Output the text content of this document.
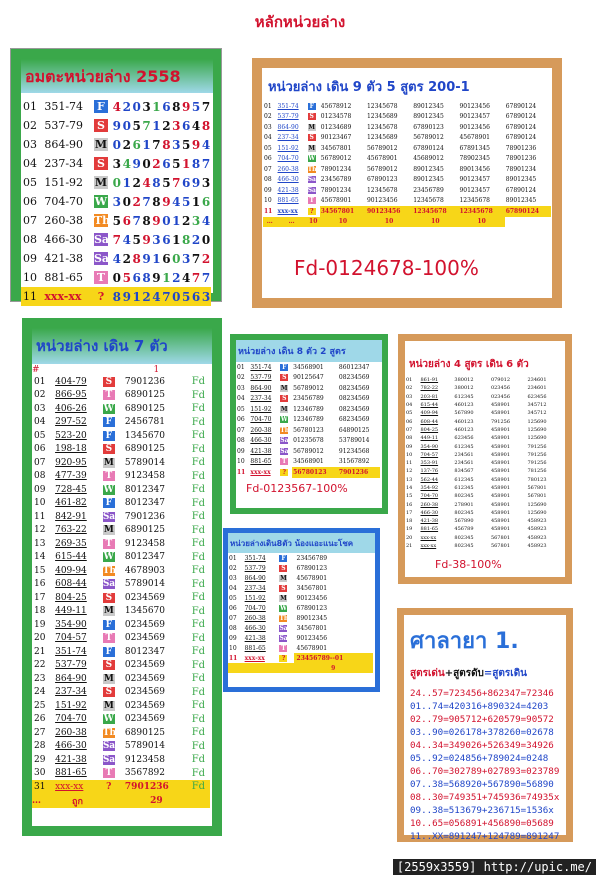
หลักหน่วยล่าง
อมตะหน่วยล่าง 2558
01	351-74	F	4	2	0	3	1	6	8	9	5	7
02	537-79	S	9	0	5	7	1	2	3	6	4	8
03	864-90	M	0	2	6	1	7	8	3	5	9	4
04	237-34	S	3	4	9	0	2	6	5	1	8	7
05	151-92	M	0	1	2	4	8	5	7	6	9	3
06	704-70	W	3	0	2	7	8	9	4	5	1	6
07	260-38	Th	5	6	7	8	9	0	1	2	3	4
08	466-30	Sa	7	4	5	9	3	6	1	8	2	0
09	421-38	Sa	4	2	8	9	1	6	0	3	7	2
10	881-65	T	0	5	6	8	9	1	2	4	7	7
11	xxx-xx	?	8	9	1	2	4	7	0	5	6	3
หน่วยล่าง เดิน 9 ตัว 5 สูตร 200-1
01	351-74	F	45678912	12345678	89012345	90123456	67890124
02	537-79	S	01234578	12345689	89012345	90123457	67890124
03	864-90	M	01234689	12345678	67890123	90123456	67890124
04	237-34	S	90123467	12345689	56789012	45678901	67890124
05	151-92	M	34567801	56789012	67890124	67891345	78901236
06	704-70	W	56789012	45678901	45689012	78902345	78901236
07	260-38	Th	78901234	56789012	89012345	89013456	78901234
08	466-30	Sa	23456789	67890123	89012345	90123457	89012345
09	421-38	Sa	78901234	12345678	23456789	90123457	67890124
10	881-65	T	45678901	90123456	12345678	12345678	89012345
11	xxx-xx	?	34567801	90123456	12345678	12345678	67890124
…	…	10	10	10	10	10	
Fd-0124678-100%
หน่วยล่าง เดิน 7 ตัว
#			1	
01	404-79	S	7901236	Fd
02	866-95	T	6890125	Fd
03	406-26	W	6890125	Fd
04	297-52	F	2456781	Fd
05	523-20	F	1345670	Fd
06	198-18	S	6890125	Fd
07	920-95	M	5789014	Fd
08	477-39	T	9123458	Fd
09	728-45	W	8012347	Fd
10	461-82	F	8012347	Fd
11	842-91	Sa	7901236	Fd
12	763-22	M	6890125	Fd
13	269-35	T	9123458	Fd
14	615-44	W	8012347	Fd
15	409-94	Th	4678903	Fd
16	608-44	Sa	5789014	Fd
17	804-25	S	0234569	Fd
18	449-11	M	1345670	Fd
19	354-90	F	0234569	Fd
20	704-57	T	0234569	Fd
21	351-74	F	8012347	Fd
22	537-79	S	0234569	Fd
23	864-90	M	0234569	Fd
24	237-34	S	0234569	Fd
25	151-92	M	0234569	Fd
26	704-70	W	0234569	Fd
27	260-38	Th	6890125	Fd
28	466-30	Sa	5789014	Fd
29	421-38	Sa	9123458	Fd
30	881-65	T	3567892	Fd
31	xxx-xx	?	7901236	Fd
…	ถูก		29	
หน่วยล่าง เดิน 8 ตัว 2 สูตร
01	351-74	F	34568901	86012347
02	537-79	S	90125647	08234569
03	864-90	M	56789012	08234569
04	237-34	S	23456789	08234569
05	151-92	M	12346789	08234569
06	704-70	W	12346789	68234569
07	260-38	Th	56780123	64890125
08	466-30	Sa	01235678	53789014
09	421-38	Sa	56789012	91234568
10	881-65	T	34568901	31567892
11	xxx-xx	?	56780123	7901236
Fd-0123567-100%
หน่วยล่าง 4 สูตร เดิน 6 ตัว
01	861-91	380012	079012	234601
02	782-22	380012	023456	234601
03	203-81	612345	023456	623456
04	615-44	460123	458901	345712
05	409-94	567890	458901	345712
06	608-44	460123	791256	125690
07	804-25	460123	458901	125690
08	449-11	623456	458901	125690
09	354-90	612345	458901	791256
10	704-57	234561	458901	791256
11	353-91	234561	458901	791256
12	137-76	834567	458901	781256
13	562-44	612345	458901	780123
14	354-92	612345	458901	567801
15	704-70	802345	458901	567801
16	260-38	278901	458901	125690
17	466-30	802345	458901	125690
18	421-38	567890	458901	458923
19	881-65	456789	458901	458923
20	xxx-xx	802345	567801	458923
21	xxx-xx	802345	567801	458923
Fd-38-100%
หน่วยล่างเดิน8ตัว น้องแอะแนะโชค
01	351-74	F	23456789
02	537-79	S	67890123
03	864-90	M	45678901
04	237-34	S	34567801
05	151-92	M	90123456
06	704-70	W	67890123
07	260-38	Th	89012345
08	466-30	Sa	34567801
09	421-38	Sa	90123456
10	881-65	T	45678901
11	xxx-xx	?	23456789--01
			9
ศาลายา 1.
สูตรเด่น+สูตรดับ=สูตรเดิน
24..57=723456+862347=72346
01..74=420316+890324=4203
02..79=905712+620579=90572
03..90=026178+378260=02678
04..34=349026+526349=34926
05..92=024856+789024=0248
06..70=302789+027893=023789
07..38=568920+567890=56890
08..30=749351+745936=74935x
09..38=513679+236715=1536x
10..65=056891+456890=05689
11..XX=891247+124789=891247
[2559x3559] http://upic.me/
